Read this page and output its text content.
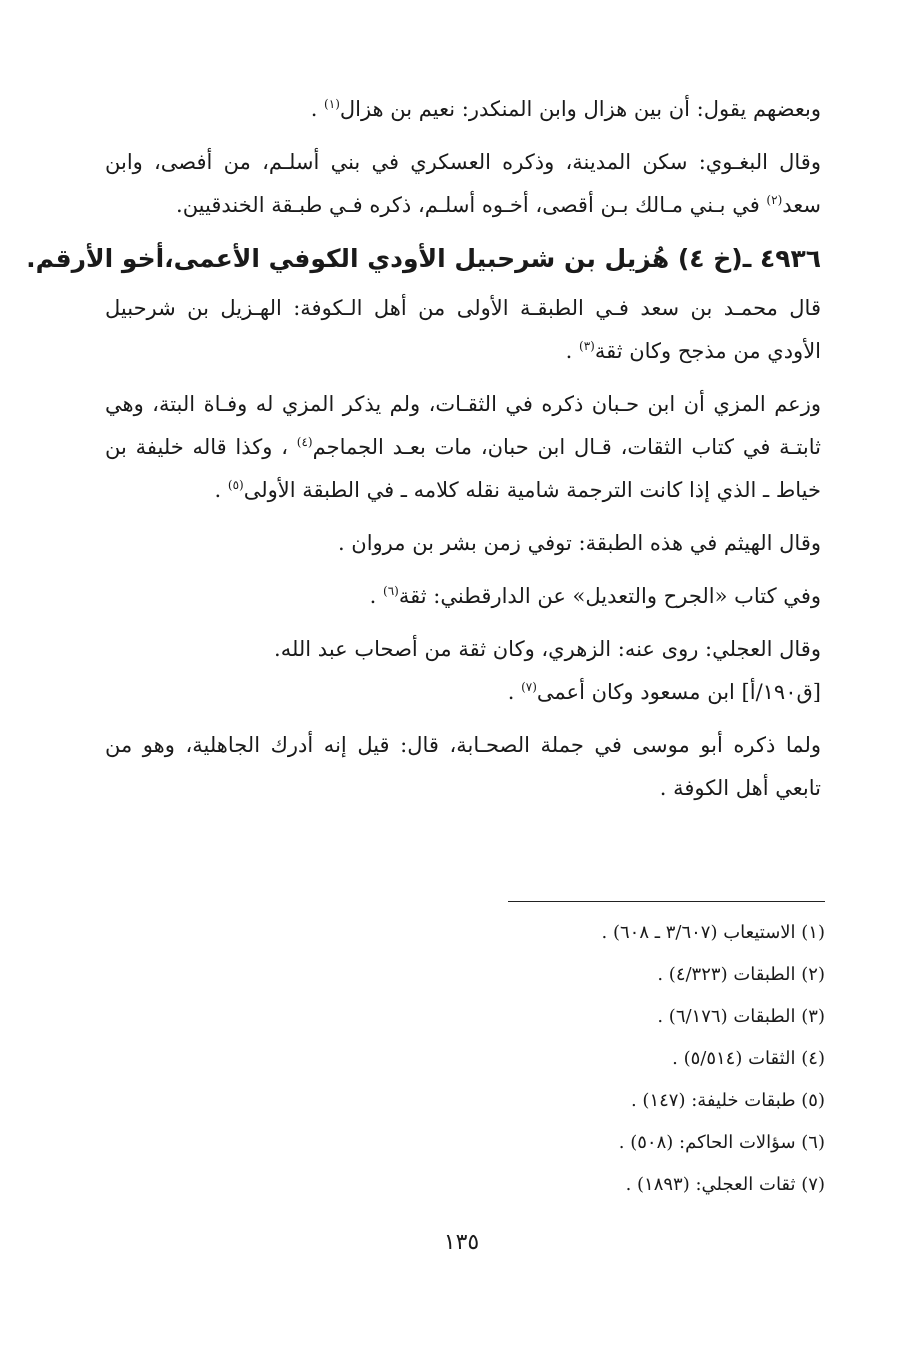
وبعضهم يقول: أن بين هزال وابن المنكدر: نعيم بن هزال$^{(١)}$ .

وقال البغـوي: سكن المدينة، وذكره العسكري في بني أسلـم، من أفصى، وابن سعد$^{(٢)}$ في بـني مـالك بـن أقصى، أخـوه أسلـم، ذكره فـي طبـقة الخندقيين.

٤٩٣٦ ـ(خ ٤) هُزيل بن شرحبيل الأودي الكوفي الأعمى،أخو الأرقم.

قال محمـد بن سعد فـي الطبقـة الأولى من أهل الـكوفة: الهـزيل بن شرحبيل الأودي من مذجح وكان ثقة$^{(٣)}$ .

وزعم المزي أن ابن حـبان ذكره في الثقـات، ولم يذكر المزي له وفـاة البتة، وهي ثابتـة في كتاب الثقات، قـال ابن حبان، مات بعـد الجماجم$^{(٤)}$ ، وكذا قاله خليفة بن خياط ـ الذي إذا كانت الترجمة شامية نقله كلامه ـ في الطبقة الأولى$^{(٥)}$ .

وقال الهيثم في هذه الطبقة: توفي زمن بشر بن مروان .

وفي كتاب «الجرح والتعديل» عن الدارقطني: ثقة$^{(٦)}$ .

وقال العجلي: روى عنه: الزهري، وكان ثقة من أصحاب عبد الله.

[ق١٩٠/أ] ابن مسعود وكان أعمى$^{(٧)}$ .

ولما ذكره أبو موسى في جملة الصحـابة، قال: قيل إنه أدرك الجاهلية، وهو من تابعي أهل الكوفة .

(١) الاستيعاب (٣/٦٠٧ ـ ٦٠٨) .
(٢) الطبقات (٤/٣٢٣) .
(٣) الطبقات (٦/١٧٦) .
(٤) الثقات (٥/٥١٤) .
(٥) طبقات خليفة: (١٤٧) .
(٦) سؤالات الحاكم: (٥٠٨) .
(٧) ثقات العجلي: (١٨٩٣) .
١٣٥
